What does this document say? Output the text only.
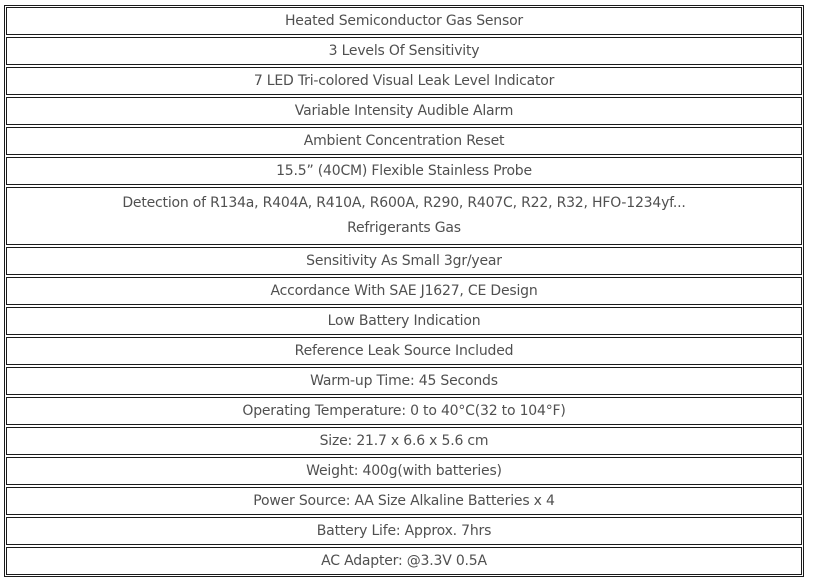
Heated Semiconductor Gas Sensor
3 Levels Of Sensitivity
7 LED Tri-colored Visual Leak Level Indicator
Variable Intensity Audible Alarm
Ambient Concentration Reset
15.5” (40CM) Flexible Stainless Probe
Detection of R134a, R404A, R410A, R600A, R290, R407C, R22, R32, HFO-1234yf...
Refrigerants Gas
Sensitivity As Small 3gr/year
Accordance With SAE J1627, CE Design
Low Battery Indication
Reference Leak Source Included
Warm-up Time: 45 Seconds
Operating Temperature: 0 to 40°C(32 to 104°F)
Size: 21.7 x 6.6 x 5.6 cm
Weight: 400g(with batteries)
Power Source: AA Size Alkaline Batteries x 4
Battery Life: Approx. 7hrs
AC Adapter: @3.3V 0.5A
